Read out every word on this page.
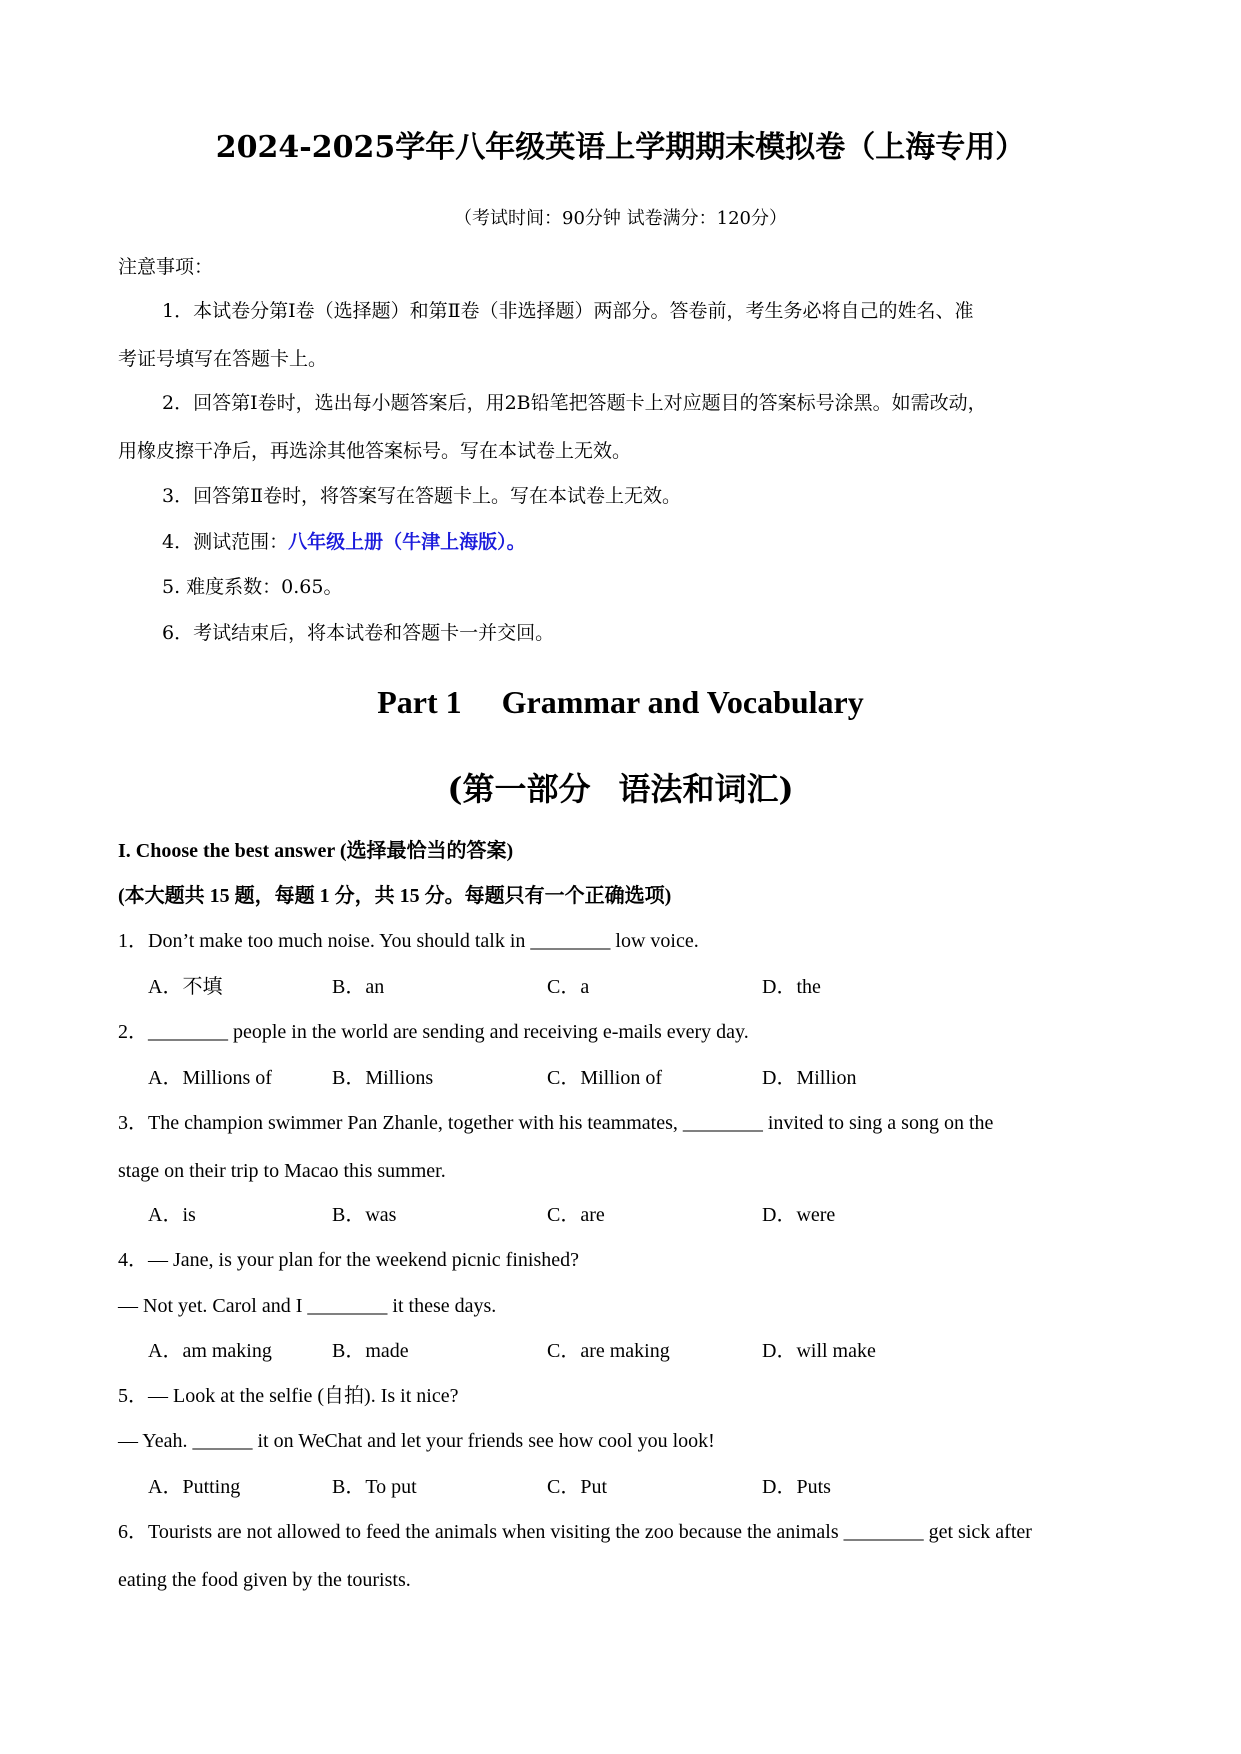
2024-2025学年八年级英语上学期期末模拟卷（上海专用）
（考试时间：90分钟 试卷满分：120分）
注意事项：
1．本试卷分第Ⅰ卷（选择题）和第Ⅱ卷（非选择题）两部分。答卷前，考生务必将自己的姓名、准
考证号填写在答题卡上。
2．回答第Ⅰ卷时，选出每小题答案后，用2B铅笔把答题卡上对应题目的答案标号涂黑。如需改动，
用橡皮擦干净后，再选涂其他答案标号。写在本试卷上无效。
3．回答第Ⅱ卷时，将答案写在答题卡上。写在本试卷上无效。
4．测试范围：八年级上册（牛津上海版）。
5. 难度系数：0.65。
6．考试结束后，将本试卷和答题卡一并交回。
Part 1 Grammar and Vocabulary
(第一部分 语法和词汇)
I. Choose the best answer (选择最恰当的答案)
(本大题共 15 题，每题 1 分，共 15 分。每题只有一个正确选项)
1．Don’t make too much noise. You should talk in ________ low voice.
A．不填	B．an	C．a	D．the
2．________ people in the world are sending and receiving e-mails every day.
A．Millions of	B．Millions	C．Million of	D．Million
3．The champion swimmer Pan Zhanle, together with his teammates, ________ invited to sing a song on the
stage on their trip to Macao this summer.
A．is	B．was	C．are	D．were
4．— Jane, is your plan for the weekend picnic finished?
— Not yet. Carol and I ________ it these days.
A．am making	B．made	C．are making	D．will make
5．— Look at the selfie (自拍). Is it nice?
— Yeah. ______ it on WeChat and let your friends see how cool you look!
A．Putting	B．To put	C．Put	D．Puts
6．Tourists are not allowed to feed the animals when visiting the zoo because the animals ________ get sick after
eating the food given by the tourists.
